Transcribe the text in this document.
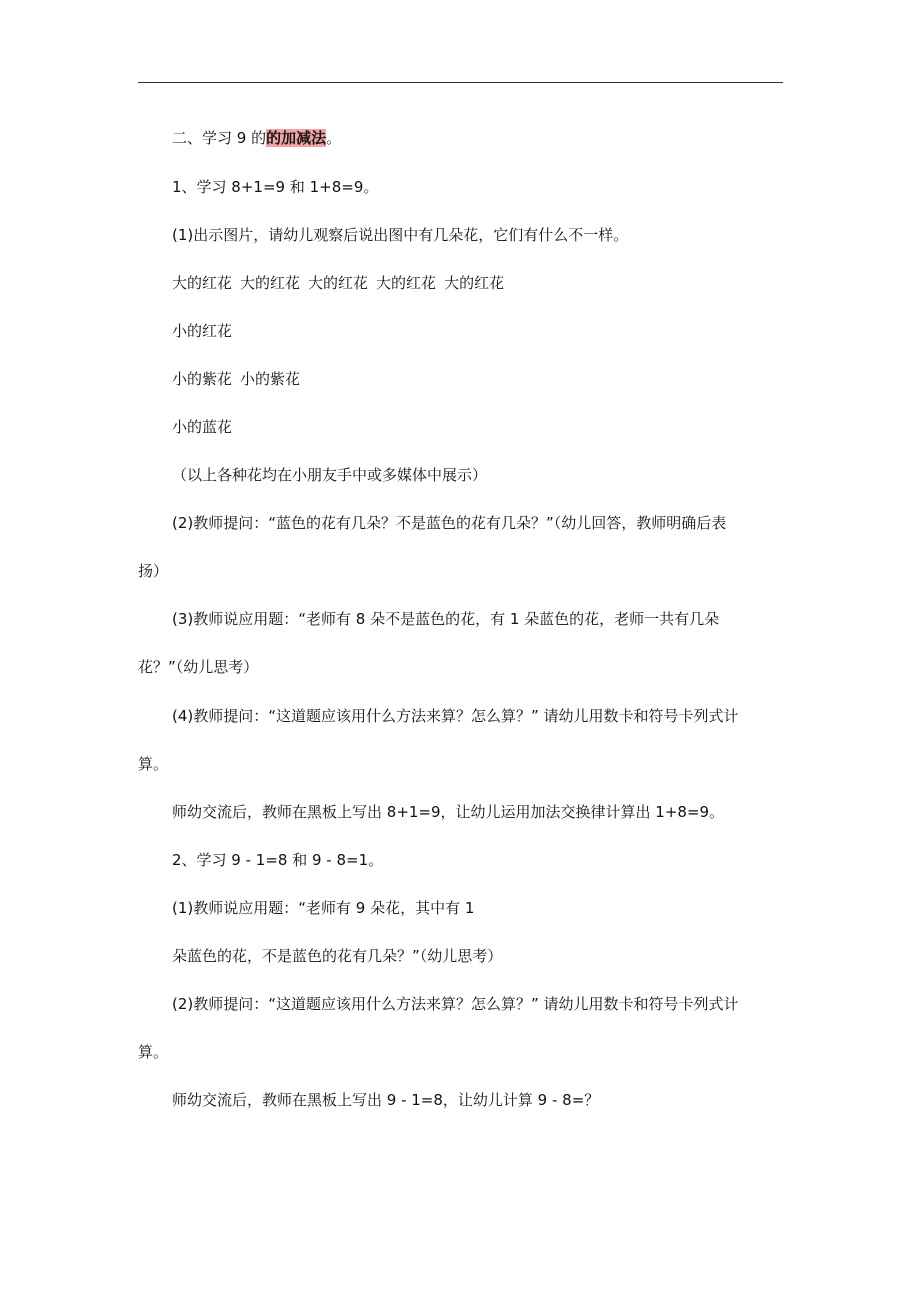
二、学习 9 的的加减法。
1、学习 8+1=9 和 1+8=9。
(1)出示图片，请幼儿观察后说出图中有几朵花，它们有什么不一样。
大的红花 大的红花 大的红花 大的红花 大的红花
小的红花
小的紫花 小的紫花
小的蓝花
（以上各种花均在小朋友手中或多媒体中展示）
(2)教师提问：“蓝色的花有几朵？不是蓝色的花有几朵？”（幼儿回答，教师明确后表
扬）
(3)教师说应用题：“老师有 8 朵不是蓝色的花，有 1 朵蓝色的花，老师一共有几朵
花？”（幼儿思考）
(4)教师提问：“这道题应该用什么方法来算？怎么算？” 请幼儿用数卡和符号卡列式计
算。
师幼交流后，教师在黑板上写出 8+1=9，让幼儿运用加法交换律计算出 1+8=9。
2、学习 9 - 1=8 和 9 - 8=1。
(1)教师说应用题：“老师有 9 朵花，其中有 1
朵蓝色的花，不是蓝色的花有几朵？”（幼儿思考）
(2)教师提问：“这道题应该用什么方法来算？怎么算？” 请幼儿用数卡和符号卡列式计
算。
师幼交流后，教师在黑板上写出 9 - 1=8，让幼儿计算 9 - 8=？
